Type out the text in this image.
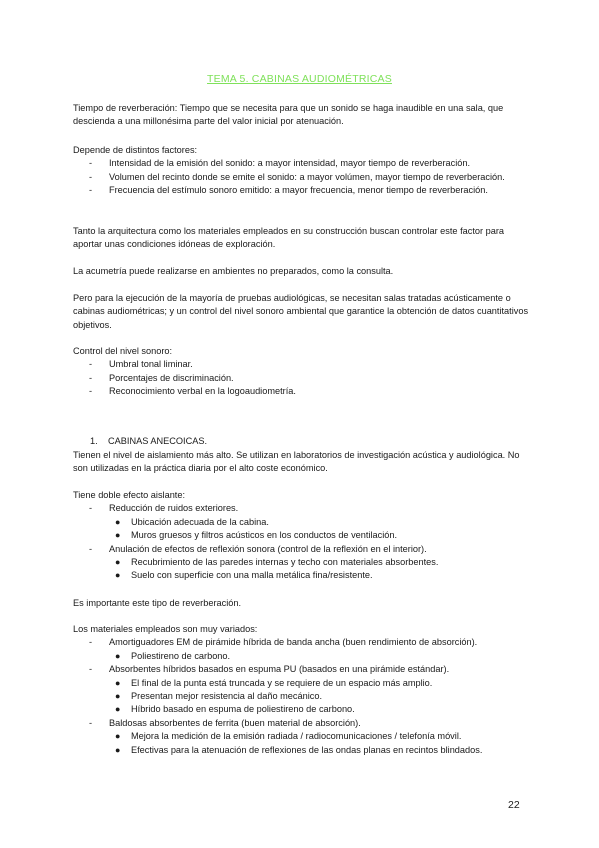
TEMA 5. CABINAS AUDIOMÉTRICAS

Tiempo de reverberación: Tiempo que se necesita para que un sonido se haga inaudible en una sala, que descienda a una millonésima parte del valor inicial por atenuación.

Depende de distintos factores:

- Intensidad de la emisión del sonido: a mayor intensidad, mayor tiempo de reverberación.
- Volumen del recinto donde se emite el sonido: a mayor volúmen, mayor tiempo de reverberación.
- Frecuencia del estímulo sonoro emitido: a mayor frecuencia, menor tiempo de reverberación.

Tanto la arquitectura como los materiales empleados en su construcción buscan controlar este factor para aportar unas condiciones idóneas de exploración.

La acumetría puede realizarse en ambientes no preparados, como la consulta.

Pero para la ejecución de la mayoría de pruebas audiológicas, se necesitan salas tratadas acústicamente o cabinas audiométricas; y un control del nivel sonoro ambiental que garantice la obtención de datos cuantitativos objetivos.

Control del nivel sonoro:

- Umbral tonal liminar.
- Porcentajes de discriminación.
- Reconocimiento verbal en la logoaudiometría.
1. CABINAS ANECOICAS.

Tienen el nivel de aislamiento más alto. Se utilizan en laboratorios de investigación acústica y audiológica. No son utilizadas en la práctica diaria por el alto coste económico.

Tiene doble efecto aislante:

- Reducción de ruidos exteriores.
● Ubicación adecuada de la cabina.
● Muros gruesos y filtros acústicos en los conductos de ventilación.
- Anulación de efectos de reflexión sonora (control de la reflexión en el interior).
● Recubrimiento de las paredes internas y techo con materiales absorbentes.
● Suelo con superficie con una malla metálica fina/resistente.

Es importante este tipo de reverberación.

Los materiales empleados son muy variados:

- Amortiguadores EM de pirámide híbrida de banda ancha (buen rendimiento de absorción).
● Poliestireno de carbono.
- Absorbentes híbridos basados en espuma PU (basados en una pirámide estándar).
● El final de la punta está truncada y se requiere de un espacio más amplio.
● Presentan mejor resistencia al daño mecánico.
● Híbrido basado en espuma de poliestireno de carbono.
- Baldosas absorbentes de ferrita (buen material de absorción).
● Mejora la medición de la emisión radiada / radiocomunicaciones / telefonía móvil.
● Efectivas para la atenuación de reflexiones de las ondas planas en recintos blindados.
22
